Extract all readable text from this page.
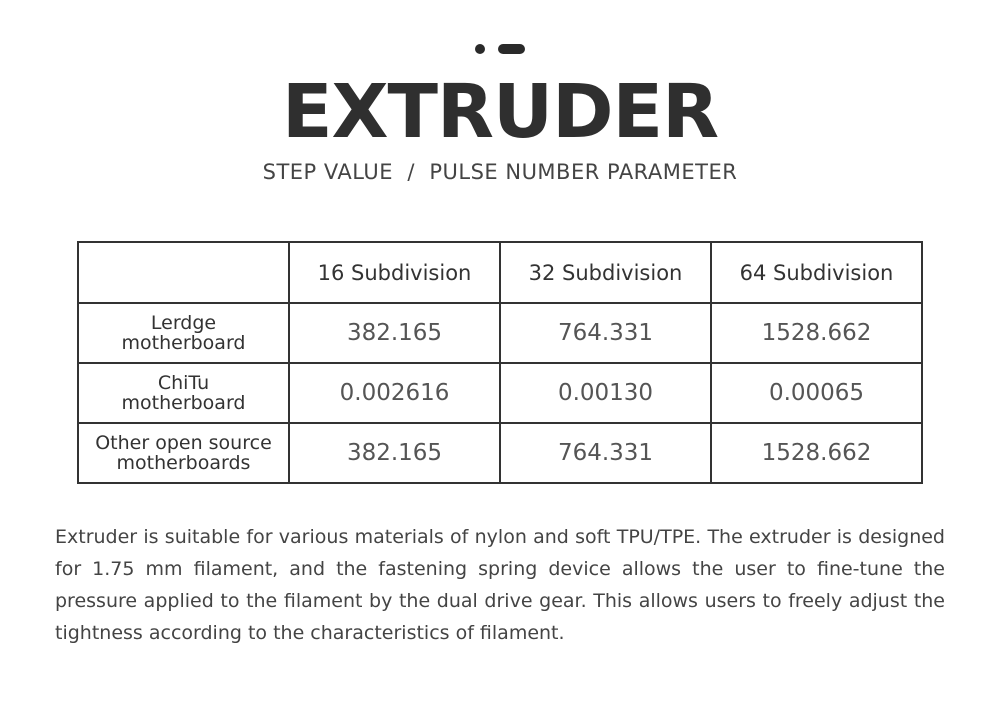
EXTRUDER
STEP VALUE  /  PULSE NUMBER PARAMETER
	16 Subdivision	32 Subdivision	64 Subdivision

Lerdge
motherboard	382.165	764.331	1528.662

ChiTu
motherboard	0.002616	0.00130	0.00065

Other open source
motherboards	382.165	764.331	1528.662

Extruder is suitable for various materials of nylon and soft TPU/TPE. The extruder is designed for 1.75 mm filament, and the fastening spring device allows the user to fine-tune the pressure applied to the filament by the dual drive gear. This allows users to freely adjust the tightness according to the characteristics of filament.
